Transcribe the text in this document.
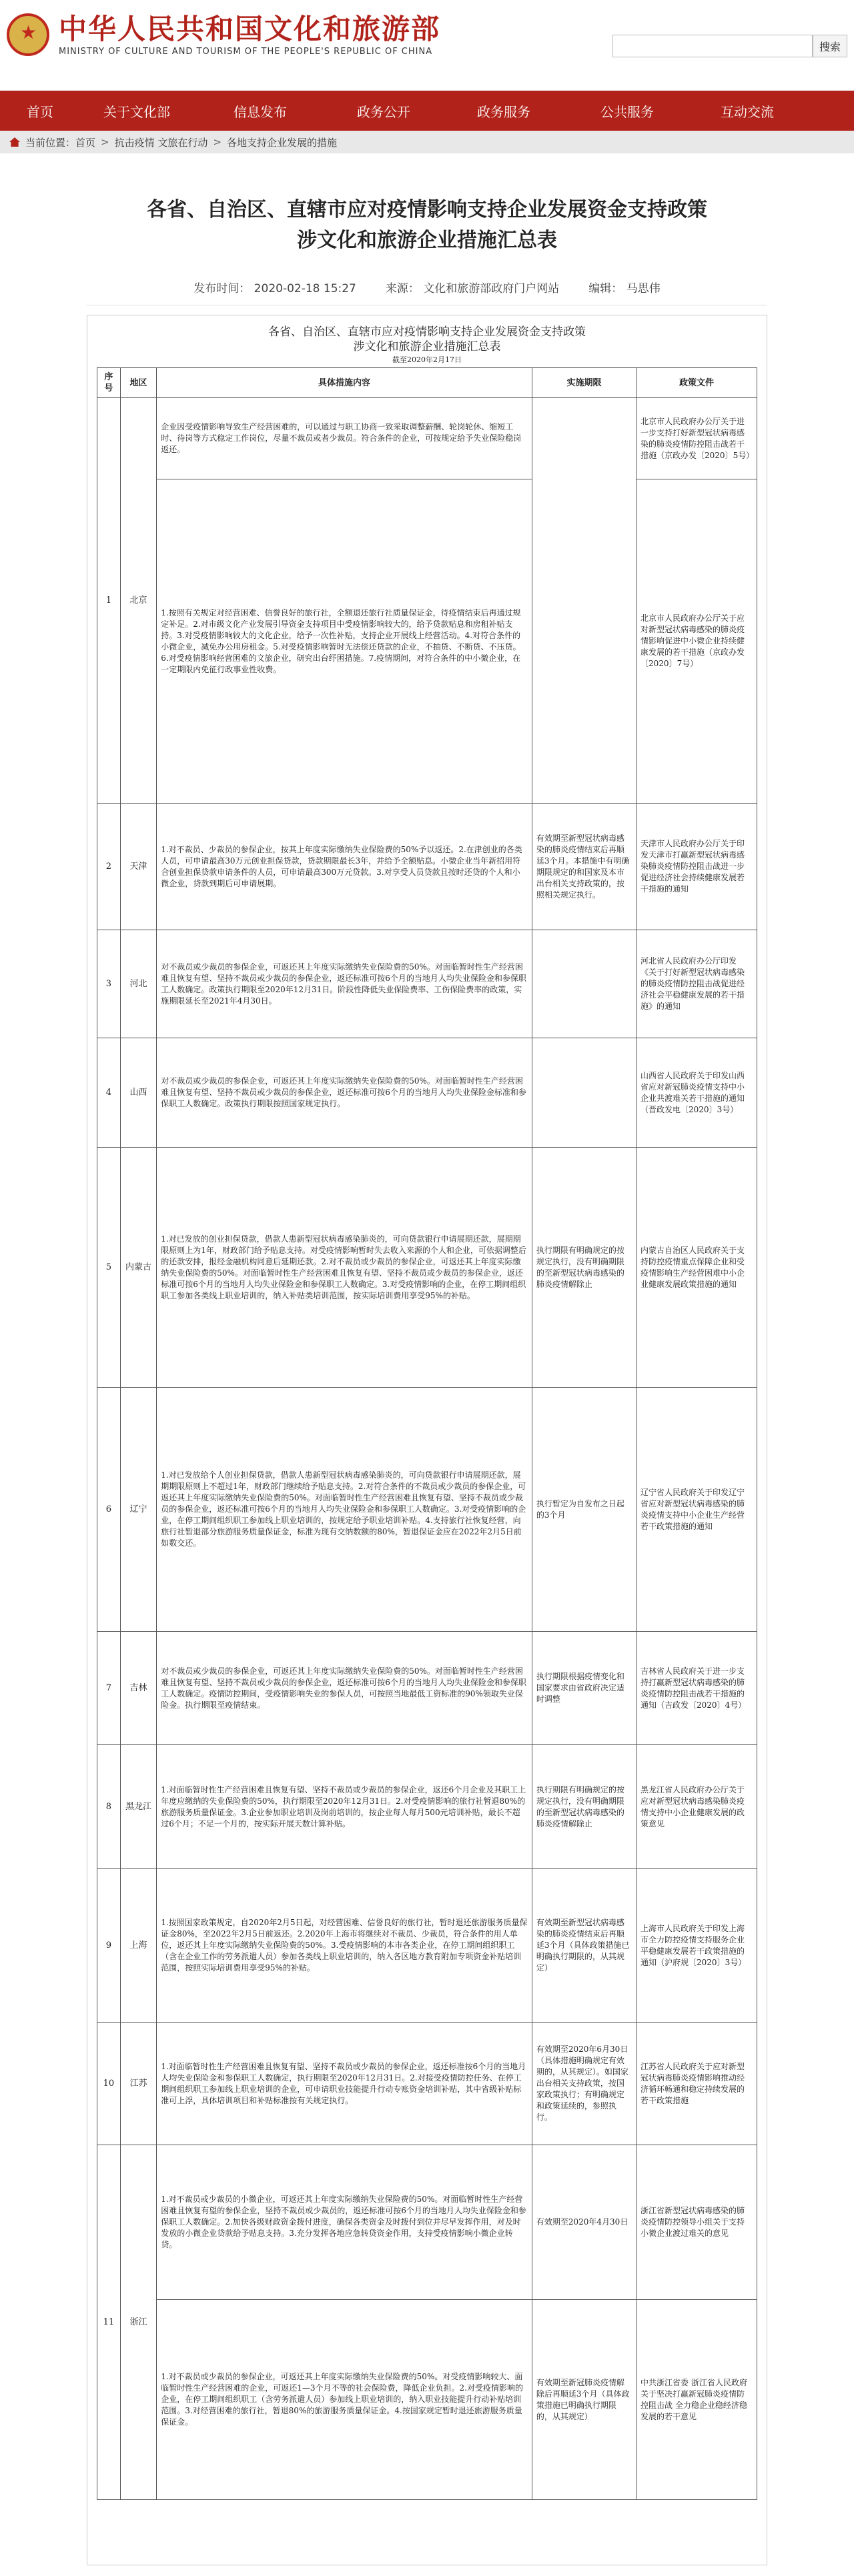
★
中华人民共和国文化和旅游部
MINISTRY OF CULTURE AND TOURISM OF THE PEOPLE'S REPUBLIC OF CHINA	搜索
首页	关于文化部	信息发布	政务公开	政务服务	公共服务	互动交流
当前位置： 首页 > 抗击疫情 文旅在行动 > 各地支持企业发展的措施
各省、自治区、直辖市应对疫情影响支持企业发展资金支持政策
涉文化和旅游企业措施汇总表
发布时间： 2020-02-18 15:27	来源： 文化和旅游部政府门户网站	编辑： 马思伟
各省、自治区、直辖市应对疫情影响支持企业发展资金支持政策
涉文化和旅游企业措施汇总表
截至2020年2月17日
序号	地区	具体措施内容	实施期限	政策文件
1	北京	企业因受疫情影响导致生产经营困难的，可以通过与职工协商一致采取调整薪酬、轮岗轮休、缩短工时、待岗等方式稳定工作岗位，尽量不裁员或者少裁员。符合条件的企业，可按规定给予失业保险稳岗返还。		北京市人民政府办公厅关于进一步支持打好新型冠状病毒感染的肺炎疫情防控阻击战若干措施（京政办发〔2020〕5号）
		1.按照有关规定对经营困难、信誉良好的旅行社，全额退还旅行社质量保证金，待疫情结束后再通过规定补足。2.对市级文化产业发展引导资金支持项目中受疫情影响较大的，给予贷款贴息和房租补贴支持。3.对受疫情影响较大的文化企业，给予一次性补贴，支持企业开展线上经营活动。4.对符合条件的小微企业，减免办公用房租金。5.对受疫情影响暂时无法偿还贷款的企业，不抽贷、不断贷、不压贷。6.对受疫情影响经营困难的文旅企业，研究出台纾困措施。7.疫情期间，对符合条件的中小微企业，在一定期限内免征行政事业性收费。		北京市人民政府办公厅关于应对新型冠状病毒感染的肺炎疫情影响促进中小微企业持续健康发展的若干措施（京政办发〔2020〕7号）
2	天津	1.对不裁员、少裁员的参保企业，按其上年度实际缴纳失业保险费的50%予以返还。2.在津创业的各类人员，可申请最高30万元创业担保贷款，贷款期限最长3年，并给予全额贴息。小微企业当年新招用符合创业担保贷款申请条件的人员，可申请最高300万元贷款。3.对享受人员贷款且按时还贷的个人和小微企业，贷款到期后可申请展期。	有效期至新型冠状病毒感染的肺炎疫情结束后再顺延3个月。本措施中有明确期限规定的和国家及本市出台相关支持政策的，按照相关规定执行。	天津市人民政府办公厅关于印发天津市打赢新型冠状病毒感染肺炎疫情防控阻击战进一步促进经济社会持续健康发展若干措施的通知
3	河北	对不裁员或少裁员的参保企业，可返还其上年度实际缴纳失业保险费的50%。对面临暂时性生产经营困难且恢复有望、坚持不裁员或少裁员的参保企业，返还标准可按6个月的当地月人均失业保险金和参保职工人数确定。政策执行期限至2020年12月31日。阶段性降低失业保险费率、工伤保险费率的政策，实施期限延长至2021年4月30日。		河北省人民政府办公厅印发《关于打好新型冠状病毒感染的肺炎疫情防控阻击战促进经济社会平稳健康发展的若干措施》的通知
4	山西	对不裁员或少裁员的参保企业，可返还其上年度实际缴纳失业保险费的50%。对面临暂时性生产经营困难且恢复有望、坚持不裁员或少裁员的参保企业，返还标准可按6个月的当地月人均失业保险金标准和参保职工人数确定。政策执行期限按照国家规定执行。		山西省人民政府关于印发山西省应对新冠肺炎疫情支持中小企业共渡难关若干措施的通知（晋政发电〔2020〕3号）
5	内蒙古	1.对已发放的创业担保贷款，借款人患新型冠状病毒感染肺炎的，可向贷款银行申请展期还款，展期期限原则上为1年，财政部门给予贴息支持。对受疫情影响暂时失去收入来源的个人和企业，可依据调整后的还款安排，报经金融机构同意后延期还款。2.对不裁员或少裁员的参保企业，可返还其上年度实际缴纳失业保险费的50%。对面临暂时性生产经营困难且恢复有望、坚持不裁员或少裁员的参保企业，返还标准可按6个月的当地月人均失业保险金和参保职工人数确定。3.对受疫情影响的企业，在停工期间组织职工参加各类线上职业培训的，纳入补贴类培训范围，按实际培训费用享受95%的补贴。	执行期限有明确规定的按规定执行，没有明确期限的至新型冠状病毒感染的肺炎疫情解除止	内蒙古自治区人民政府关于支持防控疫情重点保障企业和受疫情影响生产经营困难中小企业健康发展政策措施的通知
6	辽宁	1.对已发放给个人创业担保贷款，借款人患新型冠状病毒感染肺炎的，可向贷款银行申请展期还款，展期期限原则上不超过1年，财政部门继续给予贴息支持。2.对符合条件的不裁员或少裁员的参保企业，可返还其上年度实际缴纳失业保险费的50%。对面临暂时性生产经营困难且恢复有望、坚持不裁员或少裁员的参保企业，返还标准可按6个月的当地月人均失业保险金和参保职工人数确定。3.对受疫情影响的企业，在停工期间组织职工参加线上职业培训的，按规定给予职业培训补贴。4.支持旅行社恢复经营，向旅行社暂退部分旅游服务质量保证金，标准为现有交纳数额的80%，暂退保证金应在2022年2月5日前如数交还。	执行暂定为自发布之日起的3个月	辽宁省人民政府关于印发辽宁省应对新型冠状病毒感染的肺炎疫情支持中小企业生产经营若干政策措施的通知
7	吉林	对不裁员或少裁员的参保企业，可返还其上年度实际缴纳失业保险费的50%。对面临暂时性生产经营困难且恢复有望、坚持不裁员或少裁员的参保企业，返还标准可按6个月的当地月人均失业保险金和参保职工人数确定。疫情防控期间，受疫情影响失业的参保人员，可按照当地最低工资标准的90%领取失业保险金。执行期限至疫情结束。	执行期限根据疫情变化和国家要求由省政府决定适时调整	吉林省人民政府关于进一步支持打赢新型冠状病毒感染的肺炎疫情防控阻击战若干措施的通知（吉政发〔2020〕4号）
8	黑龙江	1.对面临暂时性生产经营困难且恢复有望、坚持不裁员或少裁员的参保企业，返还6个月企业及其职工上年度应缴纳的失业保险费的50%，执行期限至2020年12月31日。2.对受疫情影响的旅行社暂退80%的旅游服务质量保证金。3.企业参加职业培训及岗前培训的，按企业每人每月500元培训补贴，最长不超过6个月；不足一个月的，按实际开展天数计算补贴。	执行期限有明确规定的按规定执行，没有明确期限的至新型冠状病毒感染的肺炎疫情解除止	黑龙江省人民政府办公厅关于应对新型冠状病毒感染肺炎疫情支持中小企业健康发展的政策意见
9	上海	1.按照国家政策规定，自2020年2月5日起，对经营困难、信誉良好的旅行社，暂时退还旅游服务质量保证金80%，至2022年2月5日前返还。2.2020年上海市将继续对不裁员、少裁员，符合条件的用人单位，返还其上年度实际缴纳失业保险费的50%。3.受疫情影响的本市各类企业，在停工期间组织职工（含在企业工作的劳务派遣人员）参加各类线上职业培训的，纳入各区地方教育附加专项资金补贴培训范围，按照实际培训费用享受95%的补贴。	有效期至新型冠状病毒感染的肺炎疫情结束后再顺延3个月（具体政策措施已明确执行期限的，从其规定）	上海市人民政府关于印发上海市全力防控疫情支持服务企业平稳健康发展若干政策措施的通知（沪府规〔2020〕3号）
10	江苏	1.对面临暂时性生产经营困难且恢复有望、坚持不裁员或少裁员的参保企业，返还标准按6个月的当地月人均失业保险金和参保职工人数确定，执行期限至2020年12月31日。2.对接受疫情防控任务、在停工期间组织职工参加线上职业培训的企业，可申请职业技能提升行动专账资金培训补贴，其中省级补贴标准可上浮，具体培训项目和补贴标准按有关规定执行。	有效期至2020年6月30日（具体措施明确规定有效期的，从其规定）。如国家出台相关支持政策，按国家政策执行；有明确规定和政策延续的，参照执行。	江苏省人民政府关于应对新型冠状病毒肺炎疫情影响推动经济循环畅通和稳定持续发展的若干政策措施
11	浙江	1.对不裁员或少裁员的小微企业，可返还其上年度实际缴纳失业保险费的50%。对面临暂时性生产经营困难且恢复有望的参保企业，坚持不裁员或少裁员的，返还标准可按6个月的当地月人均失业保险金和参保职工人数确定。2.加快各级财政资金拨付进度，确保各类资金及时拨付到位并尽早发挥作用，对及时发放的小微企业贷款给予贴息支持。3.充分发挥各地应急转贷资金作用，支持受疫情影响小微企业转贷。	有效期至2020年4月30日	浙江省新型冠状病毒感染的肺炎疫情防控领导小组关于支持小微企业渡过难关的意见
		1.对不裁员或少裁员的参保企业，可返还其上年度实际缴纳失业保险费的50%。对受疫情影响较大、面临暂时性生产经营困难的企业，可返还1—3个月不等的社会保险费，降低企业负担。2.对受疫情影响的企业，在停工期间组织职工（含劳务派遣人员）参加线上职业培训的，纳入职业技能提升行动补贴培训范围。3.对经营困难的旅行社，暂退80%的旅游服务质量保证金。4.按国家规定暂时退还旅游服务质量保证金。	有效期至新冠肺炎疫情解除后再顺延3个月（具体政策措施已明确执行期限的，从其规定）	中共浙江省委 浙江省人民政府关于坚决打赢新冠肺炎疫情防控阻击战 全力稳企业稳经济稳发展的若干意见
